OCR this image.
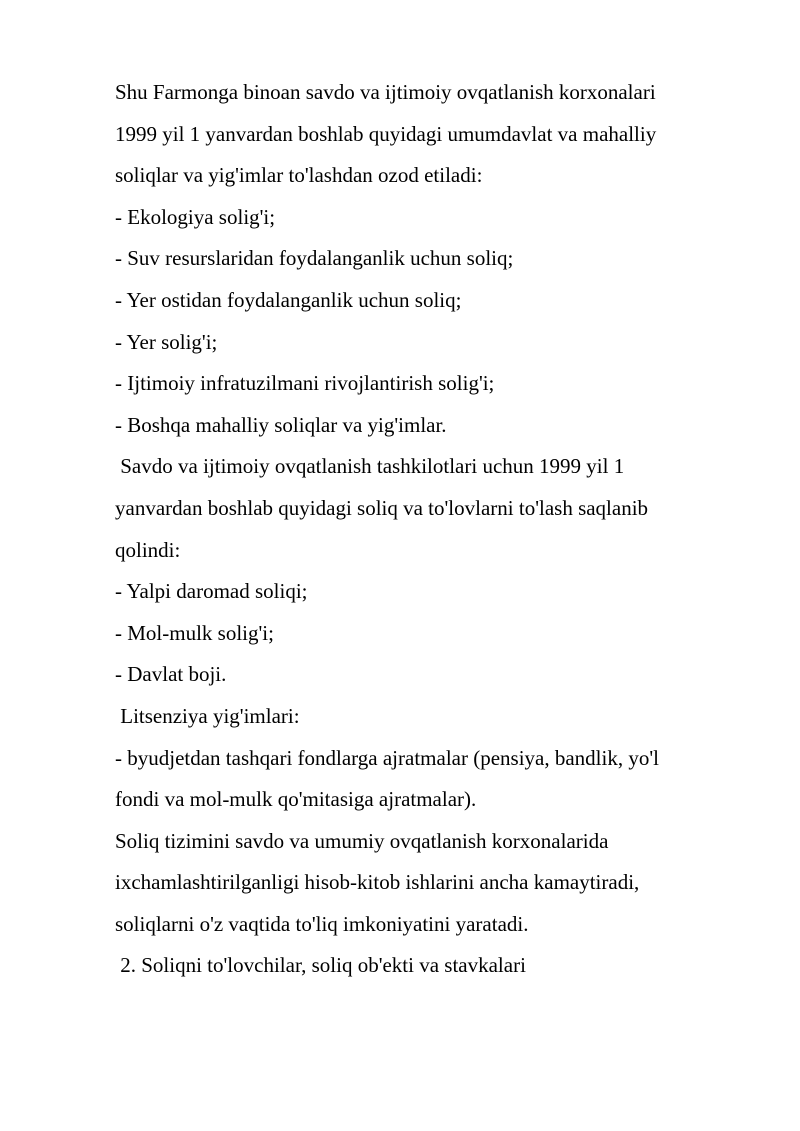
Shu Farmonga binoan savdo va ijtimoiy ovqatlanish korxonalari

1999 yil 1 yanvardan boshlab quyidagi umumdavlat va mahalliy

soliqlar va yig'imlar to'lashdan ozod etiladi:

- Ekologiya solig'i;

- Suv resurslaridan foydalanganlik uchun soliq;

- Yer ostidan foydalanganlik uchun soliq;

- Yer solig'i;

- Ijtimoiy infratuzilmani rivojlantirish solig'i;

- Boshqa mahalliy soliqlar va yig'imlar.

Savdo va ijtimoiy ovqatlanish tashkilotlari uchun 1999 yil 1

yanvardan boshlab quyidagi soliq va to'lovlarni to'lash saqlanib

qolindi:

- Yalpi daromad soliqi;

- Mol-mulk solig'i;

- Davlat boji.

Litsenziya yig'imlari:

- byudjetdan tashqari fondlarga ajratmalar (pensiya, bandlik, yo'l

fondi va mol-mulk qo'mitasiga ajratmalar).

Soliq tizimini savdo va umumiy ovqatlanish korxonalarida

ixchamlashtirilganligi hisob-kitob ishlarini ancha kamaytiradi,

soliqlarni o'z vaqtida to'liq imkoniyatini yaratadi.

2. Soliqni to'lovchilar, soliq ob'ekti va stavkalari
